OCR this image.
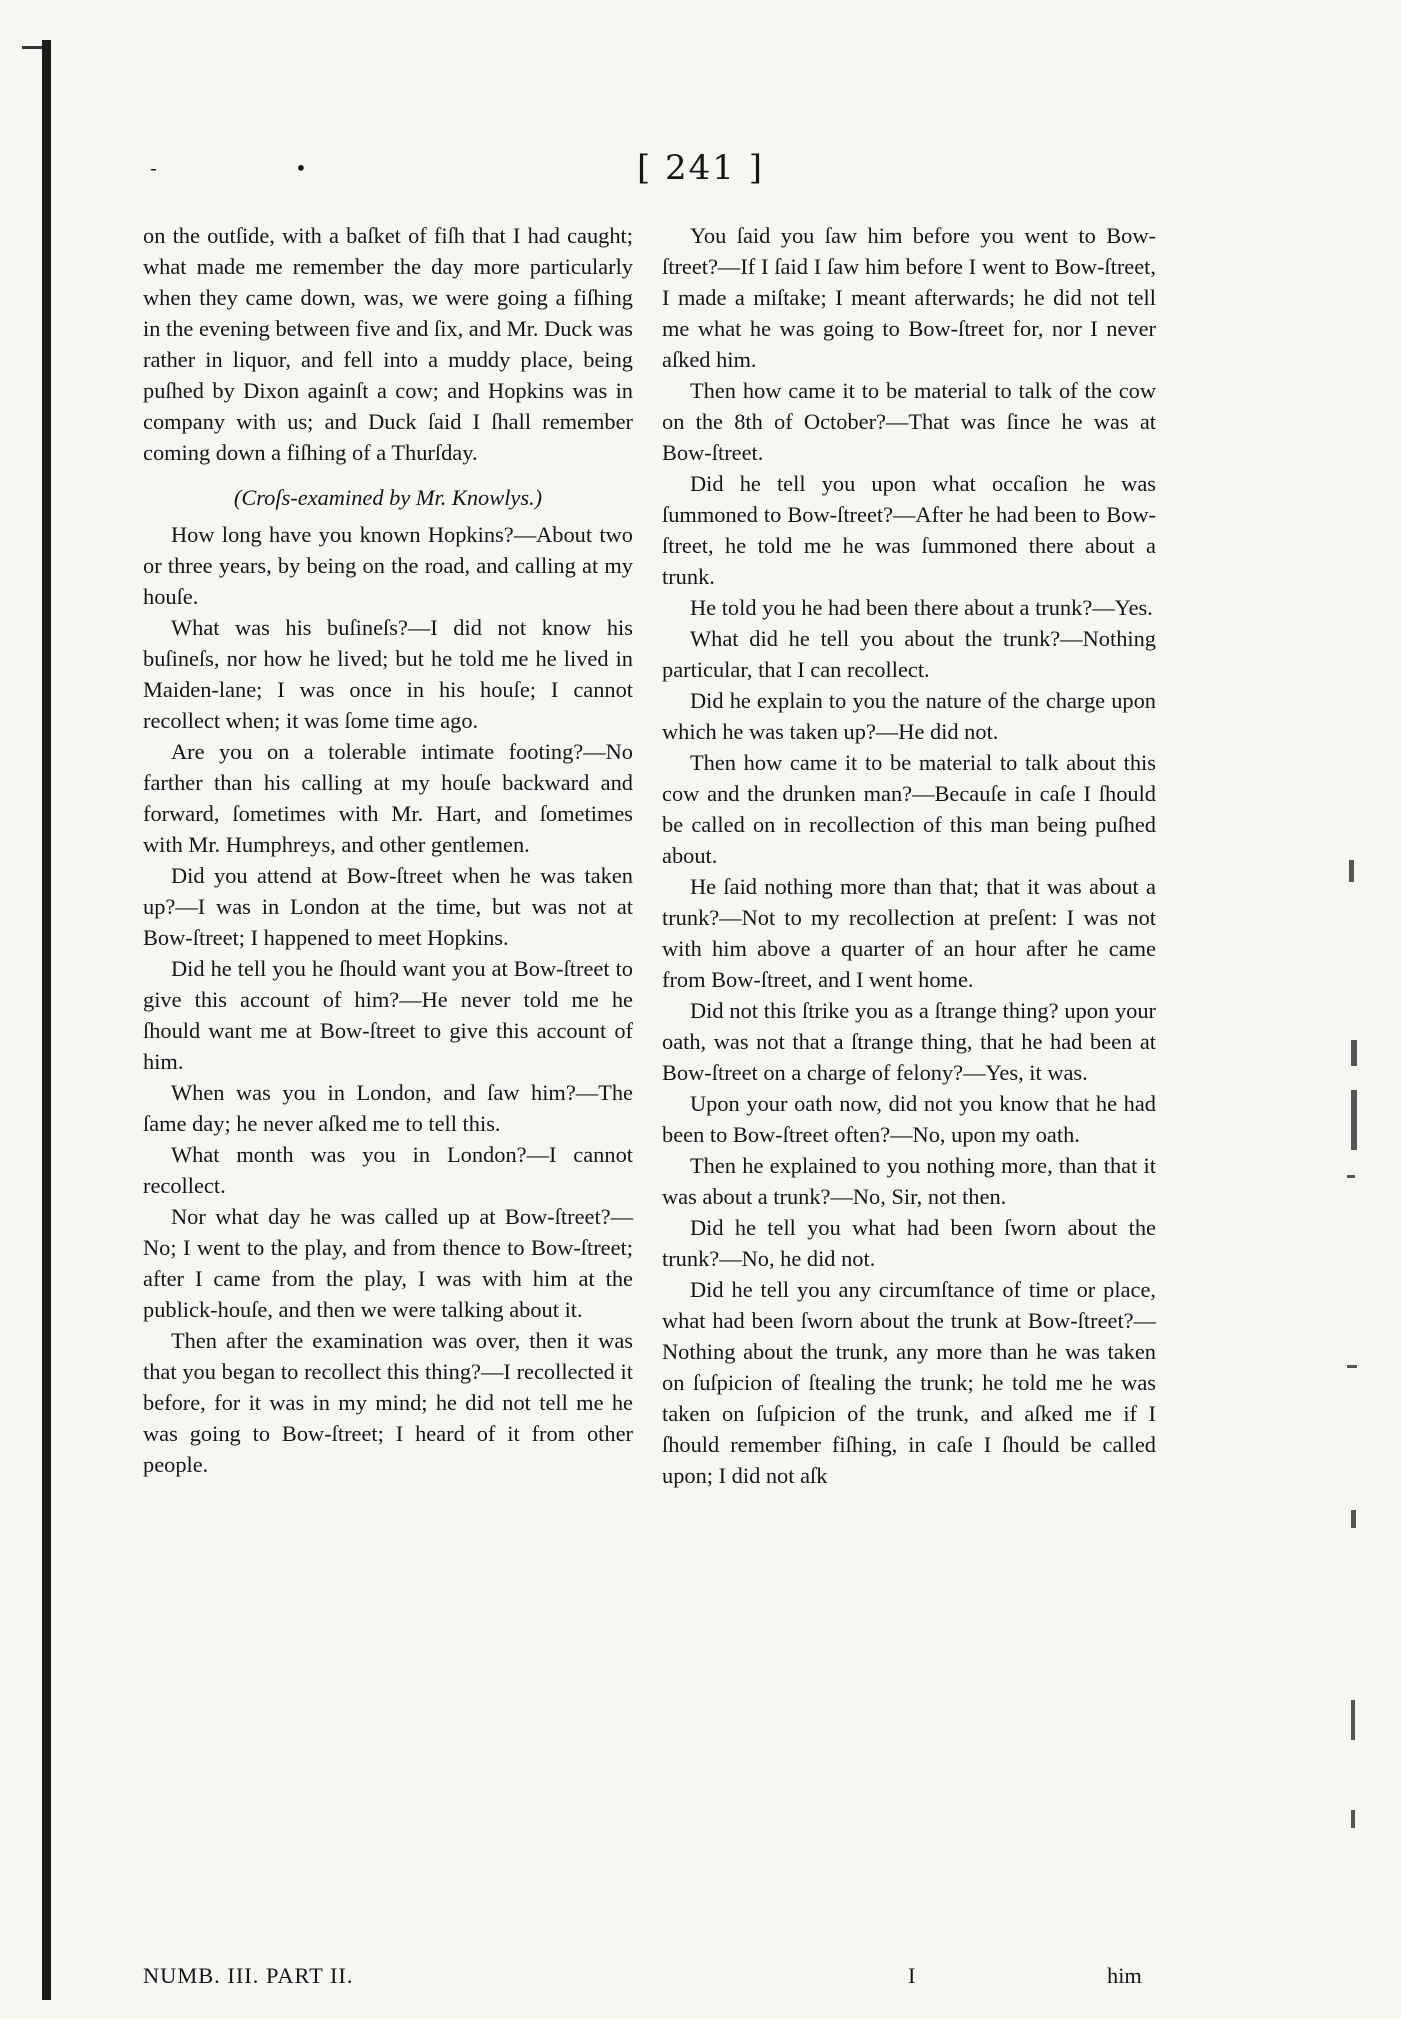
-	•	[ 241 ]

on the outſide, with a baſket of fiſh that I had caught; what made me remember the day more particularly when they came down, was, we were going a fiſhing in the evening between five and ſix, and Mr. Duck was rather in liquor, and fell into a muddy place, being puſhed by Dixon againſt a cow; and Hopkins was in company with us; and Duck ſaid I ſhall remember coming down a fiſhing of a Thurſday.

(Croſs-examined by Mr. Knowlys.)

How long have you known Hopkins?—About two or three years, by being on the road, and calling at my houſe.

What was his buſineſs?—I did not know his buſineſs, nor how he lived; but he told me he lived in Maiden-lane; I was once in his houſe; I cannot recollect when; it was ſome time ago.

Are you on a tolerable intimate footing?—No farther than his calling at my houſe backward and forward, ſometimes with Mr. Hart, and ſometimes with Mr. Humphreys, and other gentlemen.

Did you attend at Bow-ſtreet when he was taken up?—I was in London at the time, but was not at Bow-ſtreet; I happened to meet Hopkins.

Did he tell you he ſhould want you at Bow-ſtreet to give this account of him?—He never told me he ſhould want me at Bow-ſtreet to give this account of him.

When was you in London, and ſaw him?—The ſame day; he never aſked me to tell this.

What month was you in London?—I cannot recollect.

Nor what day he was called up at Bow-ſtreet?—No; I went to the play, and from thence to Bow-ſtreet; after I came from the play, I was with him at the publick-houſe, and then we were talking about it.

Then after the examination was over, then it was that you began to recollect this thing?—I recollected it before, for it was in my mind; he did not tell me he was going to Bow-ſtreet; I heard of it from other people.

You ſaid you ſaw him before you went to Bow-ſtreet?—If I ſaid I ſaw him before I went to Bow-ſtreet, I made a miſtake; I meant afterwards; he did not tell me what he was going to Bow-ſtreet for, nor I never aſked him.

Then how came it to be material to talk of the cow on the 8th of October?—That was ſince he was at Bow-ſtreet.

Did he tell you upon what occaſion he was ſummoned to Bow-ſtreet?—After he had been to Bow-ſtreet, he told me he was ſummoned there about a trunk.

He told you he had been there about a trunk?—Yes.

What did he tell you about the trunk?—Nothing particular, that I can recollect.

Did he explain to you the nature of the charge upon which he was taken up?—He did not.

Then how came it to be material to talk about this cow and the drunken man?—Becauſe in caſe I ſhould be called on in recollection of this man being puſhed about.

He ſaid nothing more than that; that it was about a trunk?—Not to my recollection at preſent: I was not with him above a quarter of an hour after he came from Bow-ſtreet, and I went home.

Did not this ſtrike you as a ſtrange thing? upon your oath, was not that a ſtrange thing, that he had been at Bow-ſtreet on a charge of felony?—Yes, it was.

Upon your oath now, did not you know that he had been to Bow-ſtreet often?—No, upon my oath.

Then he explained to you nothing more, than that it was about a trunk?—No, Sir, not then.

Did he tell you what had been ſworn about the trunk?—No, he did not.

Did he tell you any circumſtance of time or place, what had been ſworn about the trunk at Bow-ſtreet?—Nothing about the trunk, any more than he was taken on ſuſpicion of ſtealing the trunk; he told me he was taken on ſuſpicion of the trunk, and aſked me if I ſhould remember fiſhing, in caſe I ſhould be called upon; I did not aſk

NUMB. III. PART II.	I	him
